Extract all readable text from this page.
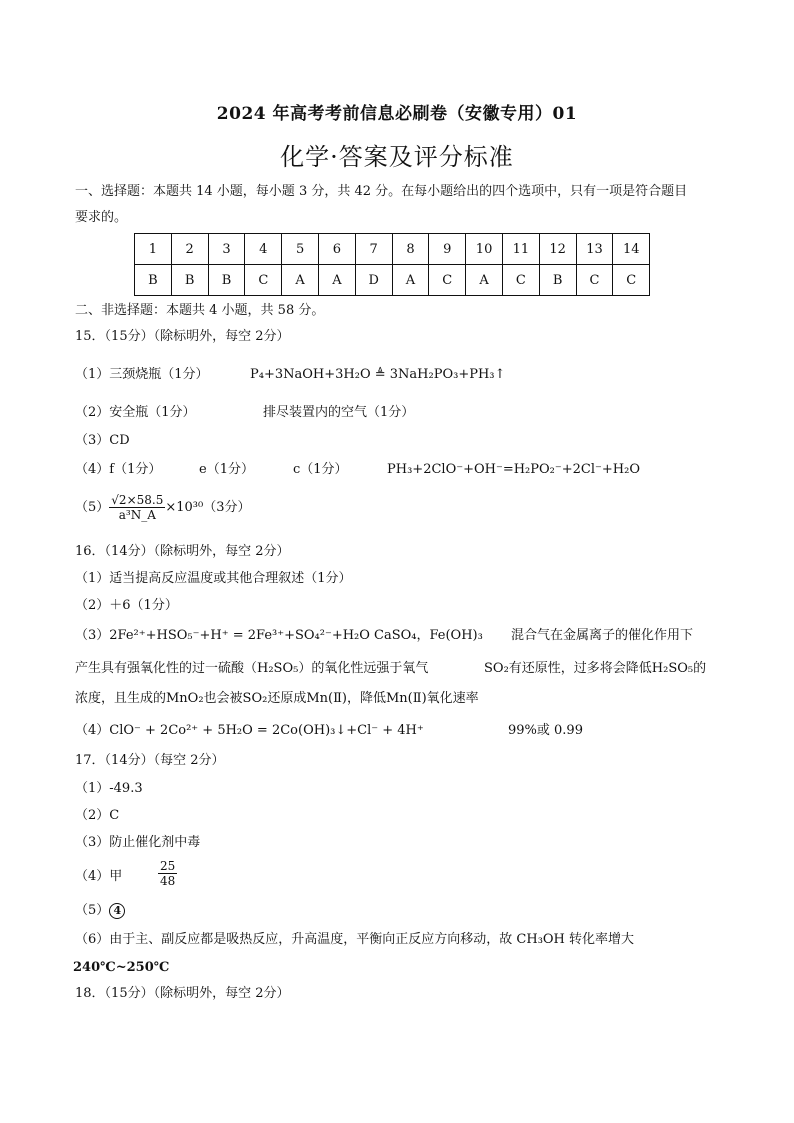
2024 年高考考前信息必刷卷（安徽专用）01
化学·答案及评分标准
一、选择题：本题共 14 小题，每小题 3 分，共 42 分。在每小题给出的四个选项中，只有一项是符合题目
要求的。
1	2	3	4	5	6	7	8	9	10	11	12	13	14
B	B	B	C	A	A	D	A	C	A	C	B	C	C
二、非选择题：本题共 4 小题，共 58 分。
15．（15分）（除标明外，每空 2分）
（1）三颈烧瓶（1分）	P₄+3NaOH+3H₂O ≜ 3NaH₂PO₃+PH₃↑
（2）安全瓶（1分）	排尽装置内的空气（1分）
（3）CD
（4）f（1分）	e（1分）	c（1分）	PH₃+2ClO⁻+OH⁻=H₂PO₂⁻+2Cl⁻+H₂O
$(5) \frac{√2\times 58.5}{\text{a³N\_A}} \times 10^{30}(3$分）
16．（14分）（除标明外，每空 2分）
（1）适当提高反应温度或其他合理叙述（1分）
（2）＋6（1分）
（3）2Fe²⁺+HSO₅⁻+H⁺ = 2Fe³⁺+SO₄²⁻+H₂O CaSO₄，Fe(OH)₃ 混合气在金属离子的催化作用下
产生具有强氧化性的过一硫酸（H₂SO₅）的氧化性远强于氧气	SO₂有还原性，过多将会降低H₂SO₅的
浓度，且生成的MnO₂也会被SO₂还原成Mn(Ⅱ)，降低Mn(Ⅱ)氧化速率
（4）ClO⁻ + 2Co²⁺ + 5H₂O = 2Co(OH)₃↓+Cl⁻ + 4H⁺	99%或 0.99
17．（14分）（每空 2分）
（1）-49.3
（2）C
（3）防止催化剂中毒
（4）甲	$\frac{25}{48}$
（5） 4
（6）由于主、副反应都是吸热反应，升高温度，平衡向正反应方向移动，故 CH₃OH 转化率增大
240℃~250℃
18．（15分）（除标明外，每空 2分）
